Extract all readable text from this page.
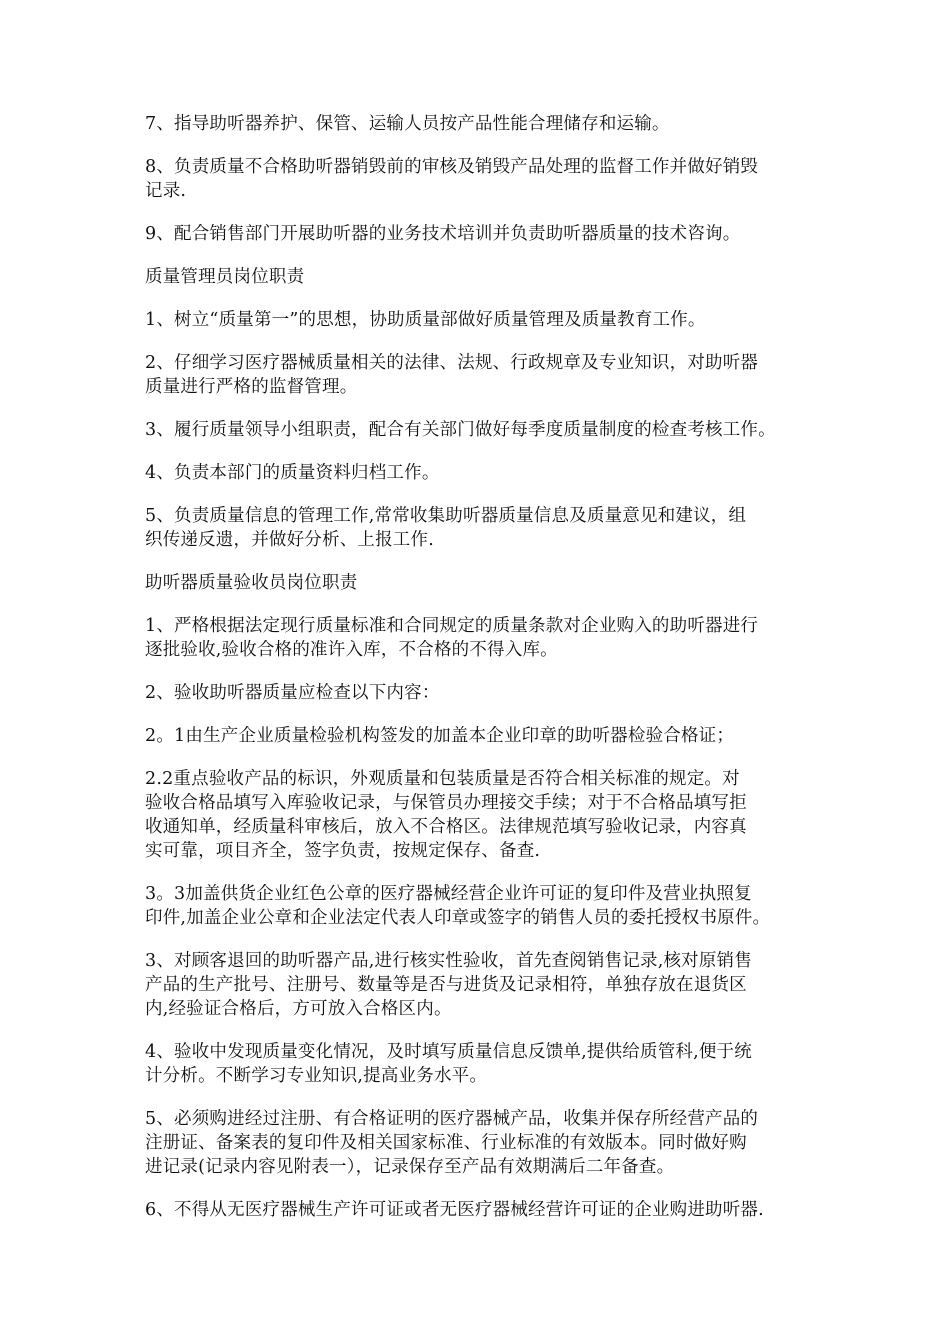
7、指导助听器养护、保管、运输人员按产品性能合理储存和运输。

8、负责质量不合格助听器销毁前的审核及销毁产品处理的监督工作并做好销毁
记录.

9、配合销售部门开展助听器的业务技术培训并负责助听器质量的技术咨询。

质量管理员岗位职责

1、树立“质量第一”的思想，协助质量部做好质量管理及质量教育工作。

2、仔细学习医疗器械质量相关的法律、法规、行政规章及专业知识，对助听器
质量进行严格的监督管理。

3、履行质量领导小组职责，配合有关部门做好每季度质量制度的检查考核工作。

4、负责本部门的质量资料归档工作。

5、负责质量信息的管理工作,常常收集助听器质量信息及质量意见和建议，组
织传递反遗，并做好分析、上报工作.

助听器质量验收员岗位职责

1、严格根据法定现行质量标准和合同规定的质量条款对企业购入的助听器进行
逐批验收,验收合格的准许入库，不合格的不得入库。

2、验收助听器质量应检查以下内容：

2。1由生产企业质量检验机构签发的加盖本企业印章的助听器检验合格证；

2.2重点验收产品的标识，外观质量和包装质量是否符合相关标准的规定。对
验收合格品填写入库验收记录，与保管员办理接交手续；对于不合格品填写拒
收通知单，经质量科审核后，放入不合格区。法律规范填写验收记录，内容真
实可靠，项目齐全，签字负责，按规定保存、备查.

3。3加盖供货企业红色公章的医疗器械经营企业许可证的复印件及营业执照复
印件,加盖企业公章和企业法定代表人印章或签字的销售人员的委托授权书原件。

3、对顾客退回的助听器产品,进行核实性验收，首先查阅销售记录,核对原销售
产品的生产批号、注册号、数量等是否与进货及记录相符，单独存放在退货区
内,经验证合格后，方可放入合格区内。

4、验收中发现质量变化情况，及时填写质量信息反馈单,提供给质管科,便于统
计分析。不断学习专业知识,提高业务水平。

5、必须购进经过注册、有合格证明的医疗器械产品，收集并保存所经营产品的
注册证、备案表的复印件及相关国家标准、行业标准的有效版本。同时做好购
进记录(记录内容见附表一），记录保存至产品有效期满后二年备查。

6、不得从无医疗器械生产许可证或者无医疗器械经营许可证的企业购进助听器.
